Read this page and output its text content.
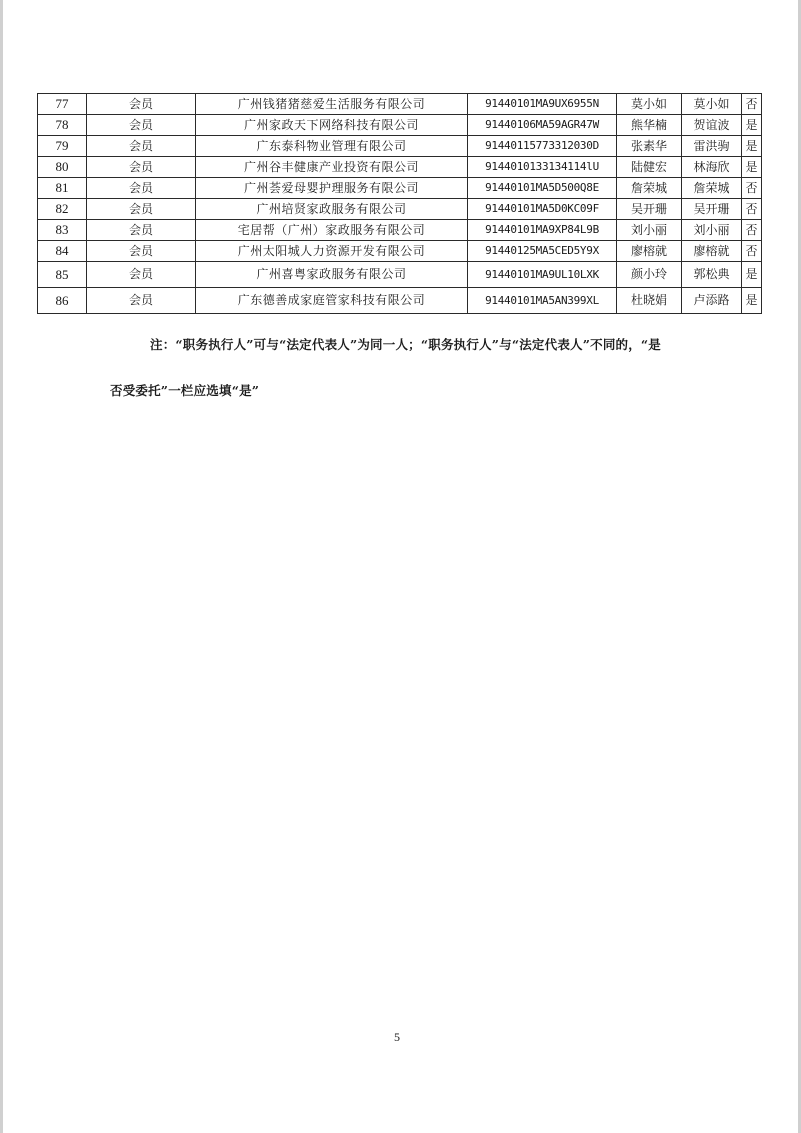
77	会员	广州钱猪猪慈爱生活服务有限公司	91440101MA9UX6955N	莫小如	莫小如	否
78	会员	广州家政天下网络科技有限公司	91440106MA59AGR47W	熊华楠	贺谊波	是
79	会员	广东泰科物业管理有限公司	91440115773312030D	张素华	雷洪驹	是
80	会员	广州谷丰健康产业投资有限公司	9144010133134114lU	陆健宏	林海欣	是
81	会员	广州荟爱母婴护理服务有限公司	91440101MA5D500Q8E	詹荣城	詹荣城	否
82	会员	广州培贤家政服务有限公司	91440101MA5D0KC09F	吴开珊	吴开珊	否
83	会员	宅居帮（广州）家政服务有限公司	91440101MA9XP84L9B	刘小丽	刘小丽	否
84	会员	广州太阳城人力资源开发有限公司	91440125MA5CED5Y9X	廖榕就	廖榕就	否
85	会员	广州喜粤家政服务有限公司	91440101MA9UL10LXK	颜小玲	郭松典	是
86	会员	广东德善成家庭管家科技有限公司	91440101MA5AN399XL	杜晓娟	卢添路	是
注：“职务执行人”可与“法定代表人”为同一人；“职务执行人”与“法定代表人”不同的，“是
否受委托”一栏应选填“是”
5
